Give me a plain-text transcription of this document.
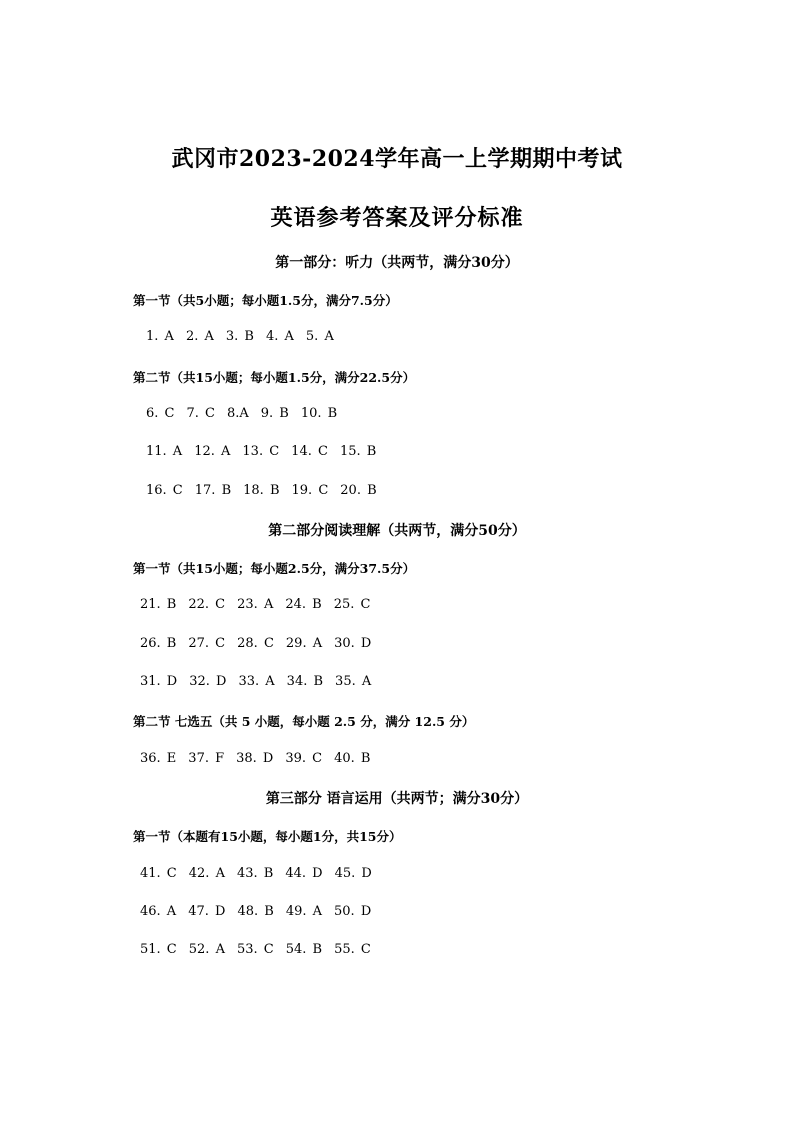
武冈市2023-2024学年高一上学期期中考试
英语参考答案及评分标准
第一部分：听力（共两节，满分30分）
第一节（共5小题；每小题1.5分，满分7.5分）
1. A 2. A 3. B 4. A 5. A
第二节（共15小题；每小题1.5分，满分22.5分）
6. C 7. C 8.A 9. B 10. B
11. A 12. A 13. C 14. C 15. B
16. C 17. B 18. B 19. C 20. B
第二部分阅读理解（共两节，满分50分）
第一节（共15小题；每小题2.5分，满分37.5分）
21. B 22. C 23. A 24. B 25. C
26. B 27. C 28. C 29. A 30. D
31. D 32. D 33. A 34. B 35. A
第二节 七选五（共 5 小题，每小题 2.5 分，满分 12.5 分）
36. E 37. F 38. D 39. C 40. B
第三部分 语言运用（共两节；满分30分）
第一节（本题有15小题，每小题1分，共15分）
41. C 42. A 43. B 44. D 45. D
46. A 47. D 48. B 49. A 50. D
51. C 52. A 53. C 54. B 55. C
